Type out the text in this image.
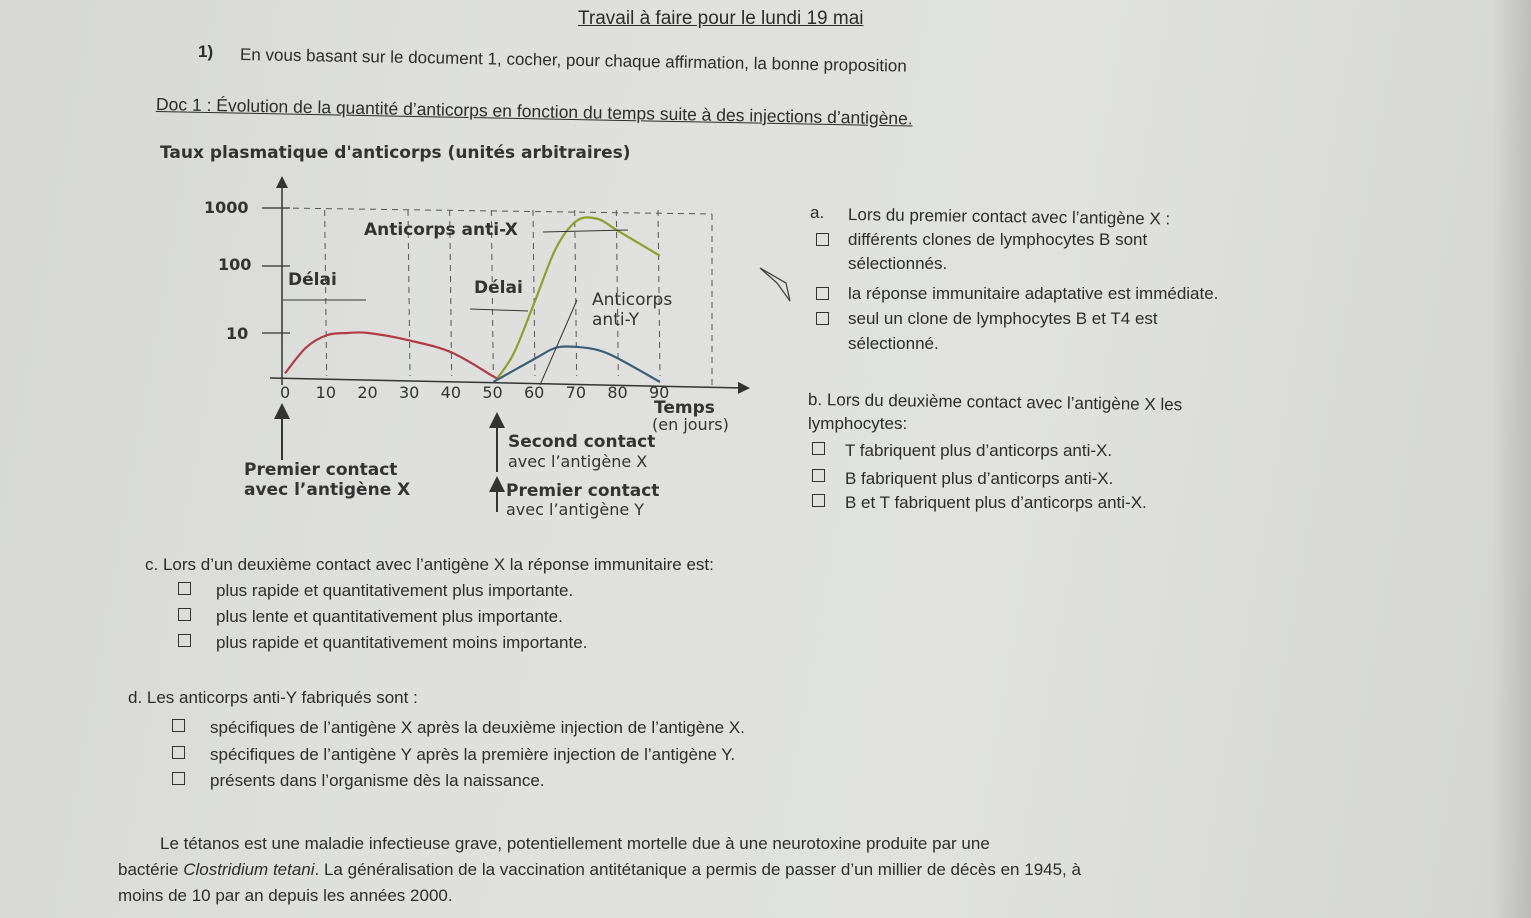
Travail à faire pour le lundi 19 mai
1) En vous basant sur le document 1, cocher, pour chaque affirmation, la bonne proposition
Doc 1 : Évolution de la quantité d’anticorps en fonction du temps suite à des injections d’antigène.
Taux plasmatique d'anticorps (unités arbitraires)
1000
100
10
0 10 20 30 40 50 60 70 80 90
Temps
(en jours)
Anticorps anti-X
Délai	Délai
Anticorps
anti-Y
Second contact
avec l’antigène X
Premier contact
avec l’antigène X	Premier contact
avec l’antigène Y
a. Lors du premier contact avec l’antigène X :
différents clones de lymphocytes B sont
sélectionnés.
la réponse immunitaire adaptative est immédiate.
seul un clone de lymphocytes B et T4 est
sélectionné.
b. Lors du deuxième contact avec l’antigène X les
lymphocytes:
T fabriquent plus d’anticorps anti-X.
B fabriquent plus d’anticorps anti-X.
B et T fabriquent plus d’anticorps anti-X.
c. Lors d’un deuxième contact avec l’antigène X la réponse immunitaire est:
plus rapide et quantitativement plus importante.
plus lente et quantitativement plus importante.
plus rapide et quantitativement moins importante.
d. Les anticorps anti-Y fabriqués sont :
spécifiques de l’antigène X après la deuxième injection de l’antigène X.
spécifiques de l’antigène Y après la première injection de l’antigène Y.
présents dans l’organisme dès la naissance.
Le tétanos est une maladie infectieuse grave, potentiellement mortelle due à une neurotoxine produite par une
bactérie Clostridium tetani. La généralisation de la vaccination antitétanique a permis de passer d’un millier de décès en 1945, à
moins de 10 par an depuis les années 2000.
